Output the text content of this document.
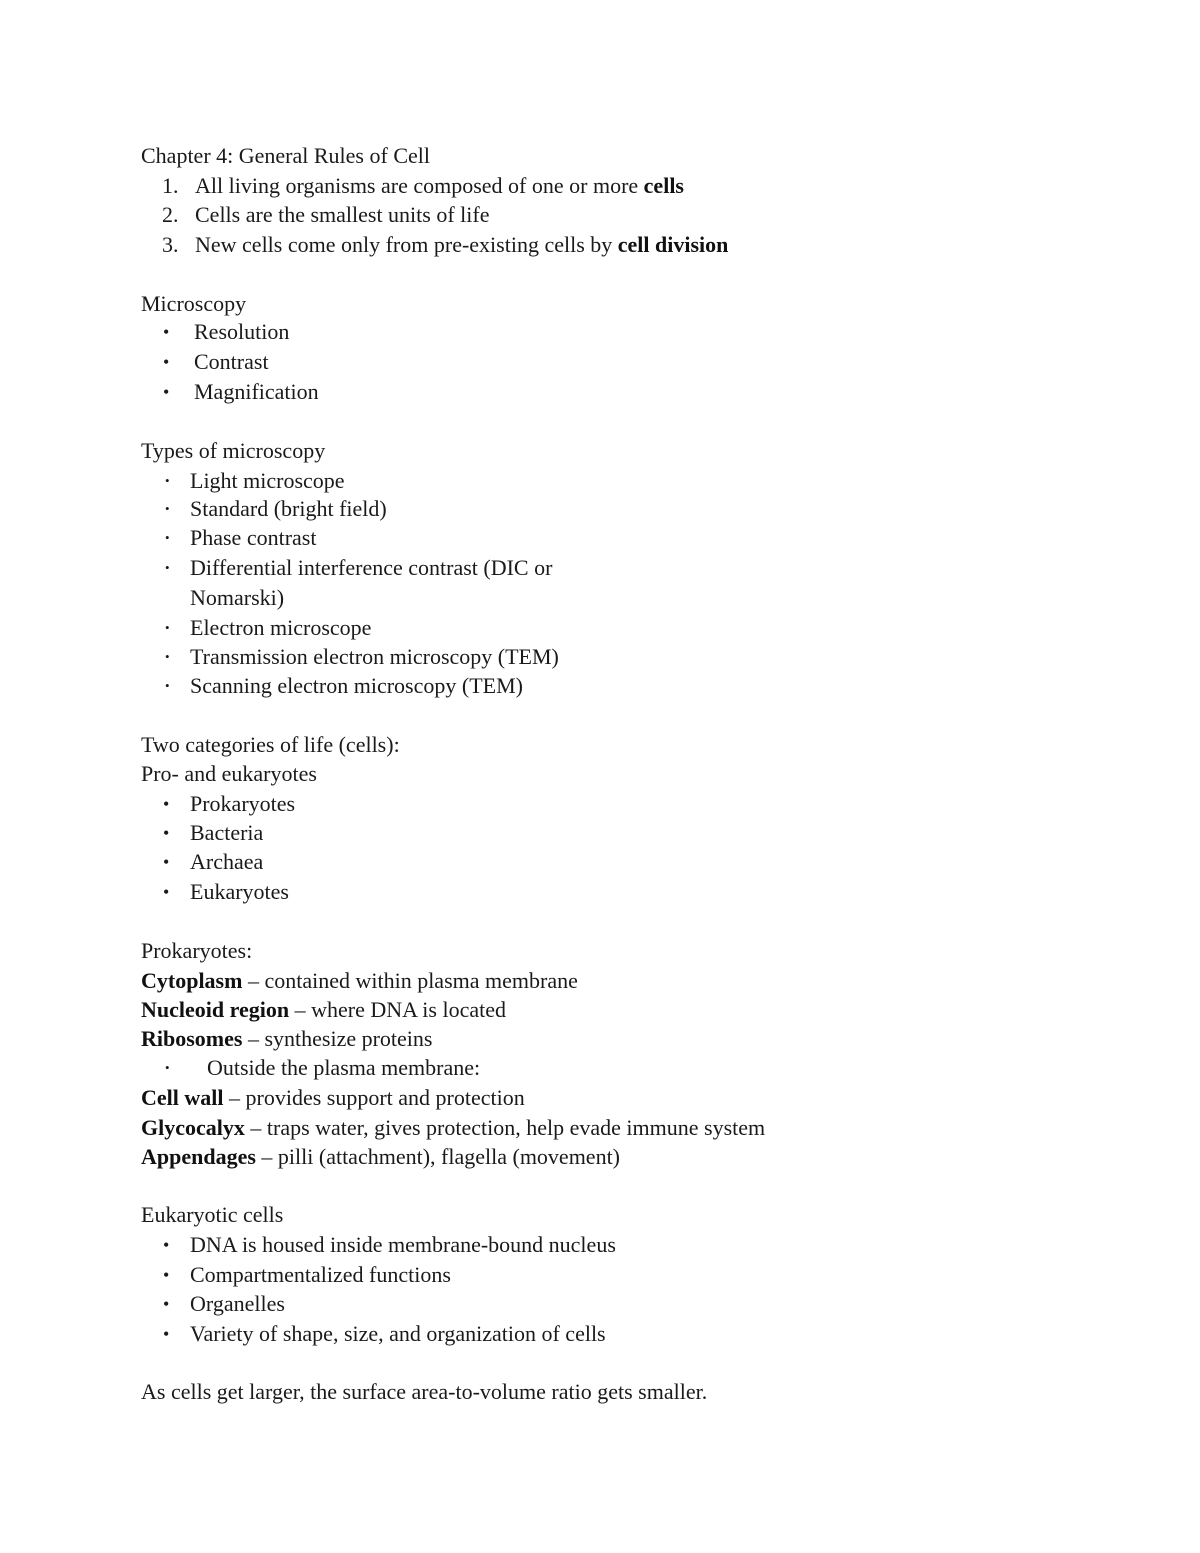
Chapter 4: General Rules of Cell
1. All living organisms are composed of one or more cells
2. Cells are the smallest units of life
3. New cells come only from pre-existing cells by cell division
Microscopy
• Resolution
• Contrast
• Magnification
Types of microscopy
• Light microscope
• Standard (bright field)
• Phase contrast
• Differential interference contrast (DIC or
Nomarski)
• Electron microscope
• Transmission electron microscopy (TEM)
• Scanning electron microscopy (TEM)
Two categories of life (cells):
Pro- and eukaryotes
• Prokaryotes
• Bacteria
• Archaea
• Eukaryotes
Prokaryotes:
Cytoplasm – contained within plasma membrane
Nucleoid region – where DNA is located
Ribosomes – synthesize proteins
• Outside the plasma membrane:
Cell wall – provides support and protection
Glycocalyx – traps water, gives protection, help evade immune system
Appendages – pilli (attachment), flagella (movement)
Eukaryotic cells
• DNA is housed inside membrane-bound nucleus
• Compartmentalized functions
• Organelles
• Variety of shape, size, and organization of cells
As cells get larger, the surface area-to-volume ratio gets smaller.
